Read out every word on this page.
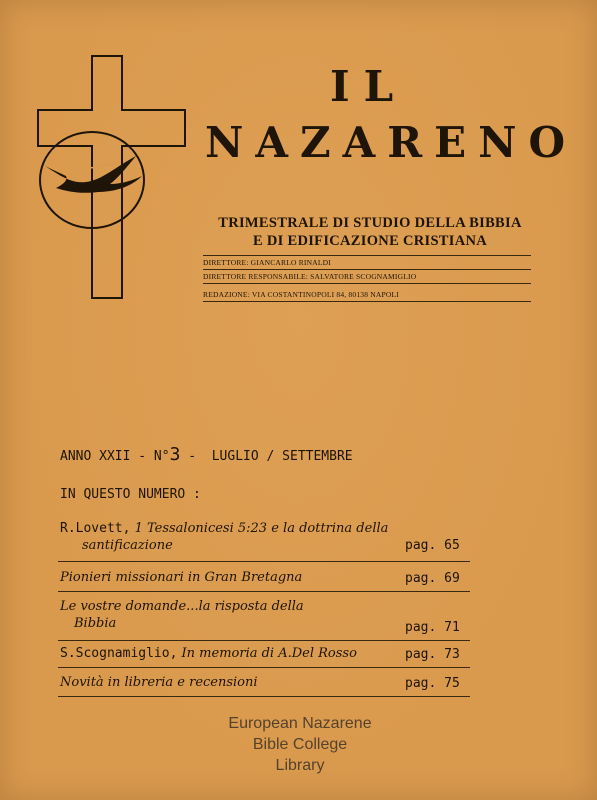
IL
NAZARENO
TRIMESTRALE DI STUDIO DELLA BIBBIA
E DI EDIFICAZIONE CRISTIANA
DIRETTORE: GIANCARLO RINALDI
DIRETTORE RESPONSABILE: SALVATORE SCOGNAMIGLIO
REDAZIONE: VIA COSTANTINOPOLI 84, 80138 NAPOLI
ANNO XXII - N°3 -  LUGLIO / SETTEMBRE
IN QUESTO NUMERO :
R.Lovett, 1 Tessalonicesi 5:23 e la dottrina della
santificazione	pag. 65
Pionieri missionari in Gran Bretagna	pag. 69
Le vostre domande...la risposta della
Bibbia	pag. 71
S.Scognamiglio, In memoria di A.Del Rosso	pag. 73
Novità in libreria e recensioni	pag. 75
European Nazarene
Bible College
Library
